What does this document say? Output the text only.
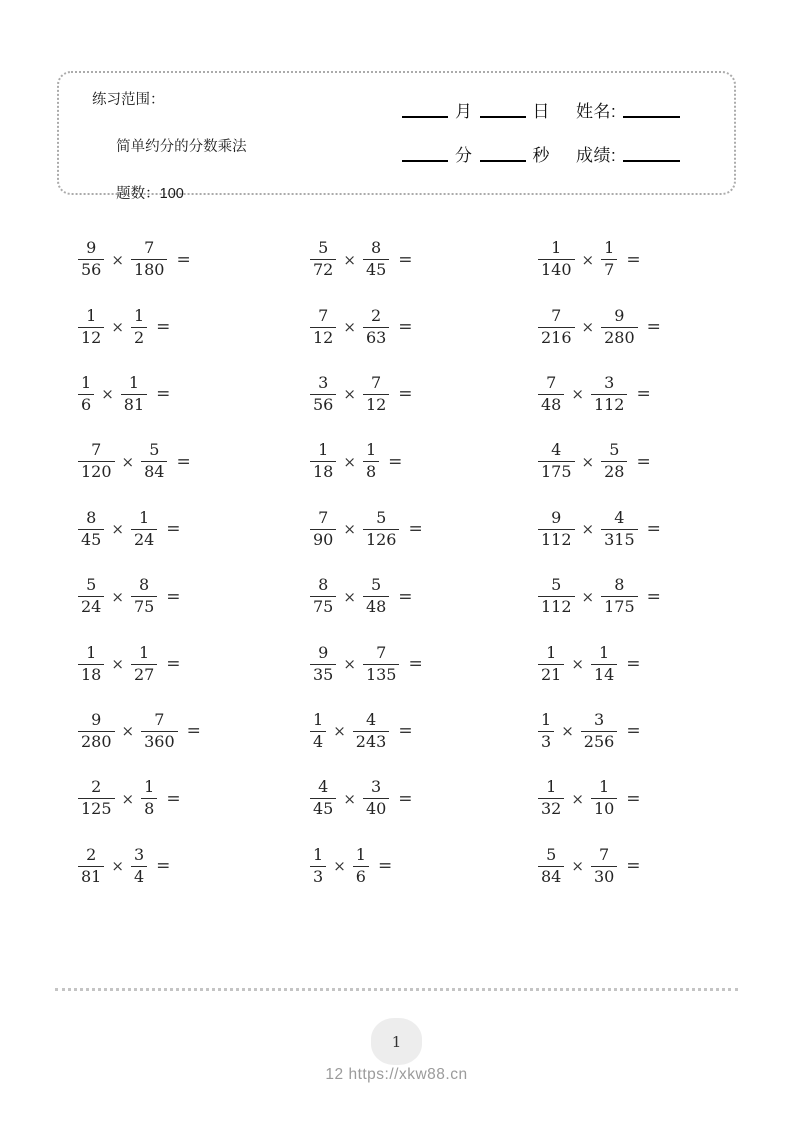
练习范围：

简单约分的分数乘法

题数：100

月	日 姓名:
分	秒 成绩:
$\frac{9}{56} \times \frac{7}{180}$ =	$\frac{5}{72} \times \frac{8}{45}$ =	$\frac{1}{140} \times \frac{1}{7}$ =
$\frac{1}{12} \times \frac{1}{2}$ =	$\frac{7}{12} \times \frac{2}{63}$ =	$\frac{7}{216} \times \frac{9}{280}$ =
$\frac{1}{6} \times \frac{1}{81}$ =	$\frac{3}{56} \times \frac{7}{12}$ =	$\frac{7}{48} \times \frac{3}{112}$ =
$\frac{7}{120} \times \frac{5}{84}$ =	$\frac{1}{18} \times \frac{1}{8}$ =	$\frac{4}{175} \times \frac{5}{28}$ =
$\frac{8}{45} \times \frac{1}{24}$ =	$\frac{7}{90} \times \frac{5}{126}$ =	$\frac{9}{112} \times \frac{4}{315}$ =
$\frac{5}{24} \times \frac{8}{75}$ =	$\frac{8}{75} \times \frac{5}{48}$ =	$\frac{5}{112} \times \frac{8}{175}$ =
$\frac{1}{18} \times \frac{1}{27}$ =	$\frac{9}{35} \times \frac{7}{135}$ =	$\frac{1}{21} \times \frac{1}{14}$ =
$\frac{9}{280} \times \frac{7}{360}$ =	$\frac{1}{4} \times \frac{4}{243}$ =	$\frac{1}{3} \times \frac{3}{256}$ =
$\frac{2}{125} \times \frac{1}{8}$ =	$\frac{4}{45} \times \frac{3}{40}$ =	$\frac{1}{32} \times \frac{1}{10}$ =
$\frac{2}{81} \times \frac{3}{4}$ =	$\frac{1}{3} \times \frac{1}{6}$ =	$\frac{5}{84} \times \frac{7}{30}$ =
1
12 https://xkw88.cn
